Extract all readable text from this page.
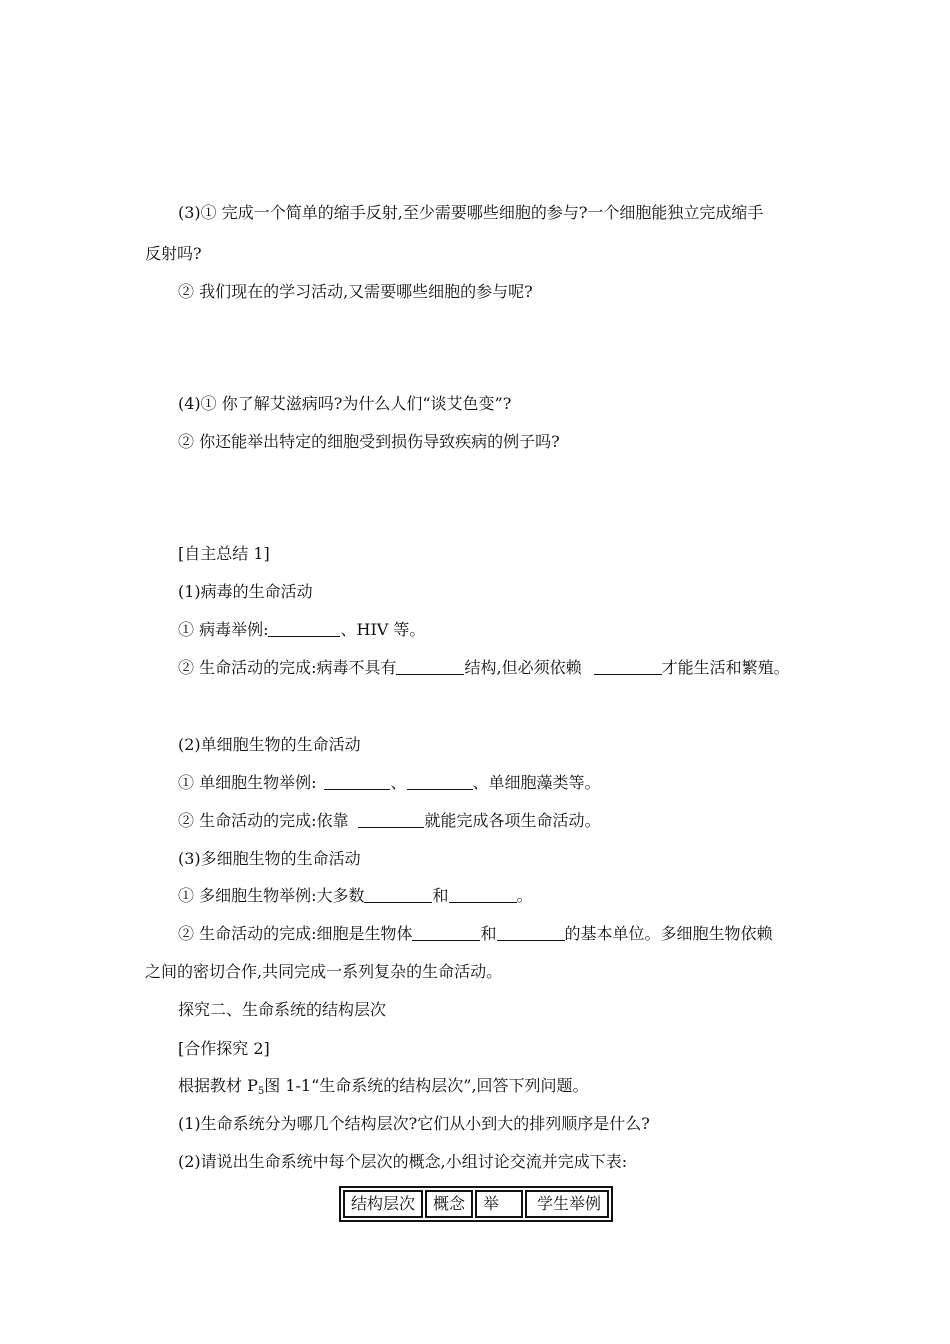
(3)① 完成一个简单的缩手反射,至少需要哪些细胞的参与?一个细胞能独立完成缩手
反射吗?
② 我们现在的学习活动,又需要哪些细胞的参与呢?
(4)① 你了解艾滋病吗?为什么人们“谈艾色变”?
② 你还能举出特定的细胞受到损伤导致疾病的例子吗?
[自主总结 1]
(1)病毒的生命活动
① 病毒举例:	、HIV 等。
② 生命活动的完成:病毒不具有	结构,但必须依赖	才能生活和繁殖。
(2)单细胞生物的生命活动
① 单细胞生物举例:	、	、单细胞藻类等。
② 生命活动的完成:依靠	就能完成各项生命活动。
(3)多细胞生物的生命活动
① 多细胞生物举例:大多数	和	。
② 生命活动的完成:细胞是生物体	和	的基本单位。多细胞生物依赖
之间的密切合作,共同完成一系列复杂的生命活动。
探究二、生命系统的结构层次
[合作探究 2]
根据教材 $P_5$图 1-1“生命系统的结构层次”,回答下列问题。
(1)生命系统分为哪几个结构层次?它们从小到大的排列顺序是什么?
(2)请说出生命系统中每个层次的概念,小组讨论交流并完成下表:
结构层次	概念	举	学生举例
